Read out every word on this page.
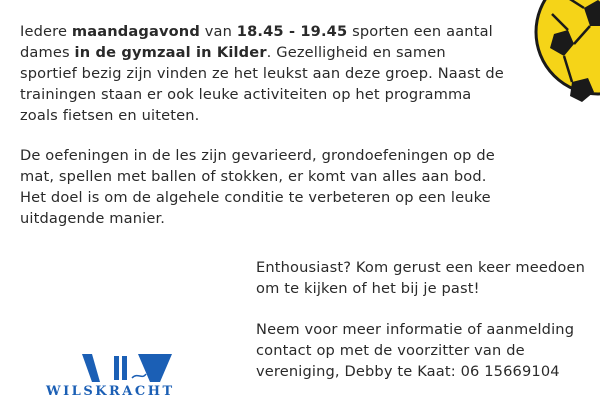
Iedere maandagavond van 18.45 - 19.45 sporten een aantal dames in de gymzaal in Kilder. Gezelligheid en samen sportief bezig zijn vinden ze het leukst aan deze groep. Naast de trainingen staan er ook leuke activiteiten op het programma zoals fietsen en uiteten.

De oefeningen in de les zijn gevarieerd, grondoefeningen op de mat, spellen met ballen of stokken, er komt van alles aan bod. Het doel is om de algehele conditie te verbeteren op een leuke uitdagende manier.

Enthousiast? Kom gerust een keer meedoen om te kijken of het bij je past!

Neem voor meer informatie of aanmelding contact op met de voorzitter van de vereniging, Debby te Kaat: 06 15669104

WILSKRACHT
